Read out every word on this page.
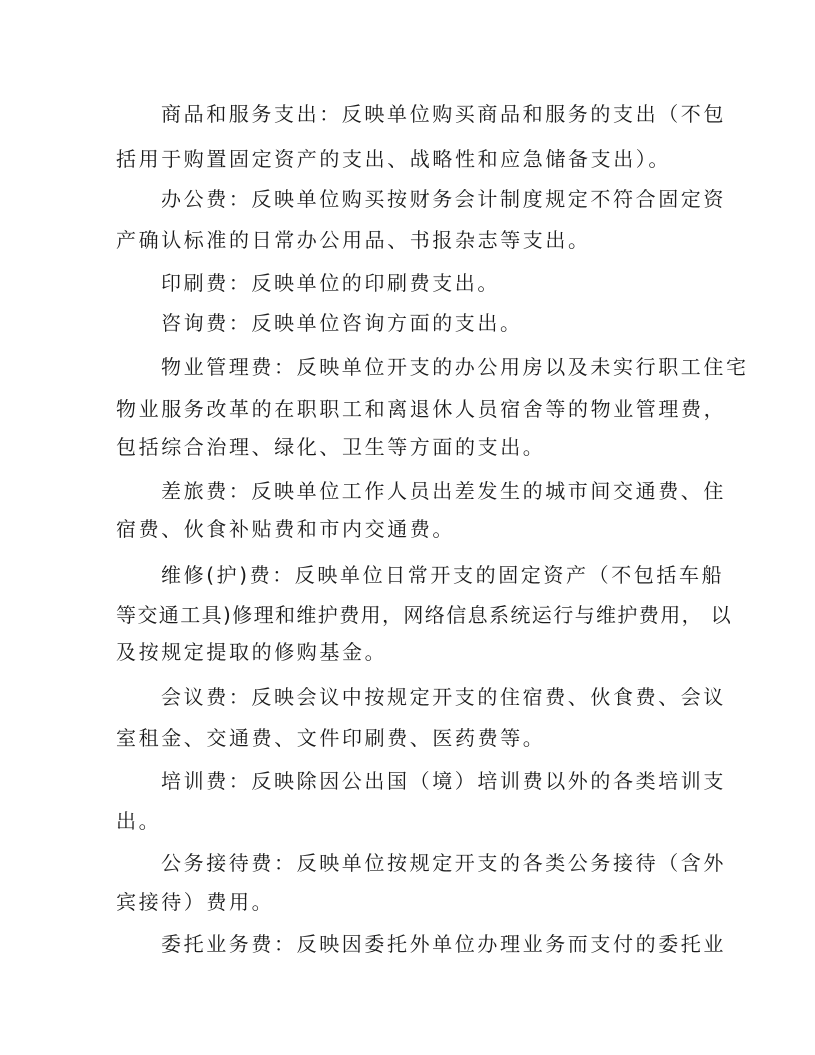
商品和服务支出：反映单位购买商品和服务的支出（不包
括用于购置固定资产的支出、战略性和应急储备支出）。
办公费：反映单位购买按财务会计制度规定不符合固定资
产确认标准的日常办公用品、书报杂志等支出。
印刷费：反映单位的印刷费支出。
咨询费：反映单位咨询方面的支出。
物业管理费：反映单位开支的办公用房以及未实行职工住宅
物业服务改革的在职职工和离退休人员宿舍等的物业管理费，
包括综合治理、绿化、卫生等方面的支出。
差旅费：反映单位工作人员出差发生的城市间交通费、住
宿费、伙食补贴费和市内交通费。
维修(护)费：反映单位日常开支的固定资产（不包括车船
等交通工具)修理和维护费用，网络信息系统运行与维护费用， 以
及按规定提取的修购基金。
会议费：反映会议中按规定开支的住宿费、伙食费、会议
室租金、交通费、文件印刷费、医药费等。
培训费：反映除因公出国（境）培训费以外的各类培训支
出。
公务接待费：反映单位按规定开支的各类公务接待（含外
宾接待）费用。
委托业务费：反映因委托外单位办理业务而支付的委托业
